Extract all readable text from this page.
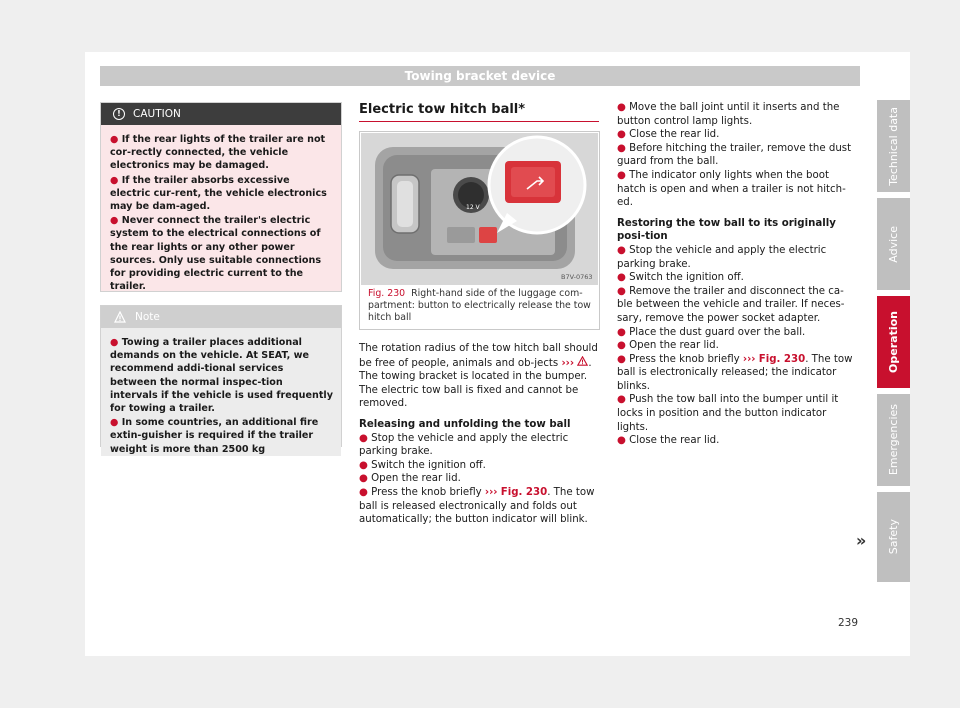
Towing bracket device
!	CAUTION
● If the rear lights of the trailer are not cor-rectly connected, the vehicle electronics may be damaged.
● If the trailer absorbs excessive electric cur-rent, the vehicle electronics may be dam-aged.
● Never connect the trailer's electric system to the electrical connections of the rear lights or any other power sources. Only use suitable connections for providing electric current to the trailer.
Note
● Towing a trailer places additional demands on the vehicle. At SEAT, we recommend addi-tional services between the normal inspec-tion intervals if the vehicle is used frequently for towing a trailer.
● In some countries, an additional fire extin-guisher is required if the trailer weight is more than 2500 kg
Electric tow hitch ball*
12 V
B7V-0763
Fig. 230 Right-hand side of the luggage com-partment: button to electrically release the tow hitch ball
The rotation radius of the tow hitch ball should be free of people, animals and ob-jects ››› .
The towing bracket is located in the bumper. The electric tow ball is fixed and cannot be removed.
Releasing and unfolding the tow ball
● Stop the vehicle and apply the electric parking brake.
● Switch the ignition off.
● Open the rear lid.
● Press the knob briefly ››› Fig. 230. The tow ball is released electronically and folds out automatically; the button indicator will blink.
● Move the ball joint until it inserts and the button control lamp lights.
● Close the rear lid.
● Before hitching the trailer, remove the dust guard from the ball.
● The indicator only lights when the boot hatch is open and when a trailer is not hitch-ed.
Restoring the tow ball to its originally posi-tion
● Stop the vehicle and apply the electric parking brake.
● Switch the ignition off.
● Remove the trailer and disconnect the ca-ble between the vehicle and trailer. If neces-sary, remove the power socket adapter.
● Place the dust guard over the ball.
● Open the rear lid.
● Press the knob briefly ››› Fig. 230. The tow ball is electronically released; the indicator blinks.
● Push the tow ball into the bumper until it locks in position and the button indicator lights.
● Close the rear lid.
»
239
Technical data
Advice
Operation
Emergencies
Safety
